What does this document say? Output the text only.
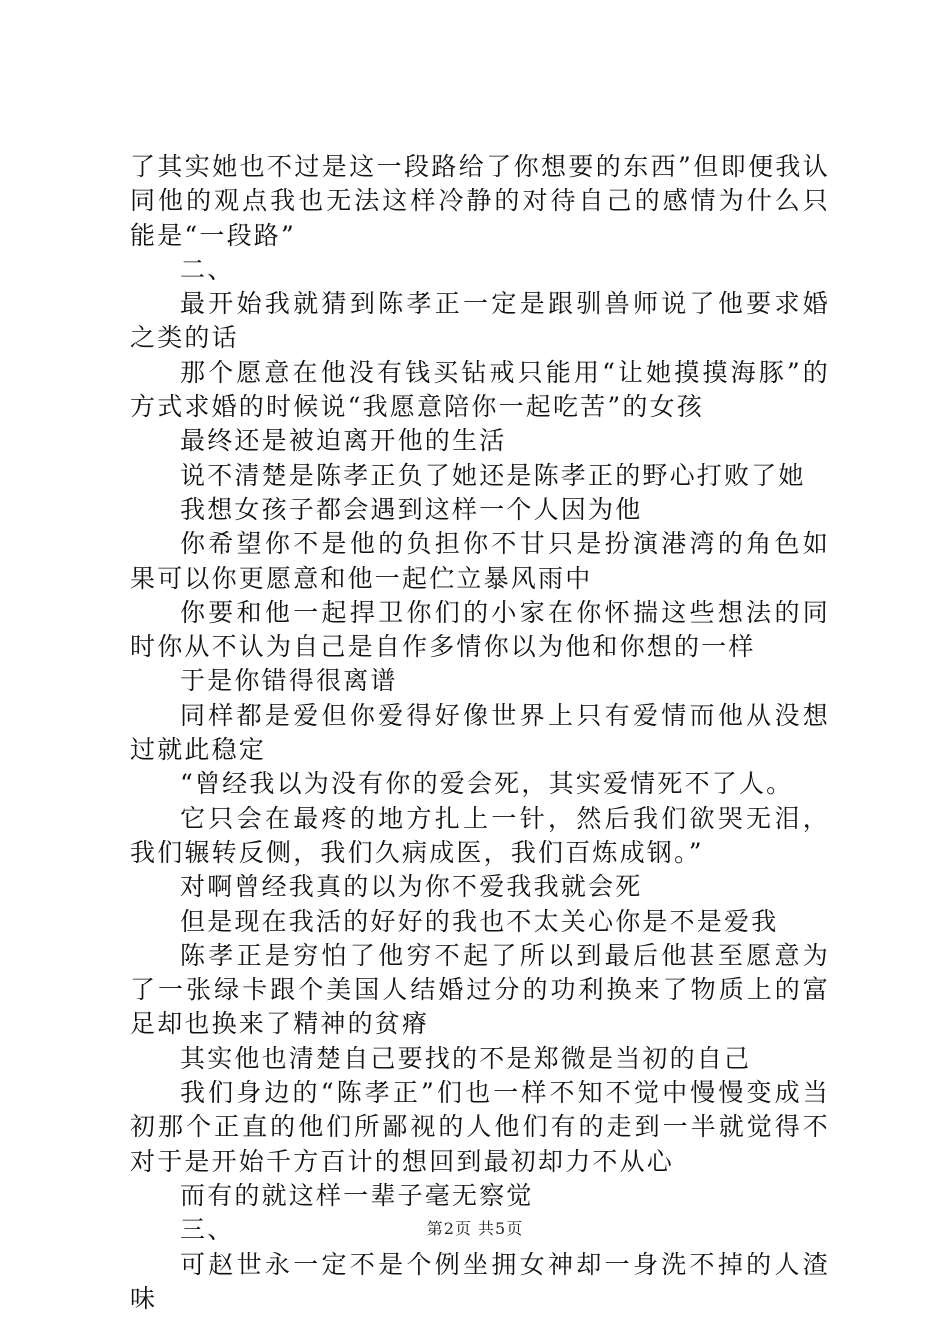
了其实她也不过是这一段路给了你想要的东西”但即便我认同他的观点我也无法这样冷静的对待自己的感情为什么只能是“一段路”

二、

最开始我就猜到陈孝正一定是跟驯兽师说了他要求婚之类的话

那个愿意在他没有钱买钻戒只能用“让她摸摸海豚”的方式求婚的时候说“我愿意陪你一起吃苦”的女孩

最终还是被迫离开他的生活

说不清楚是陈孝正负了她还是陈孝正的野心打败了她

我想女孩子都会遇到这样一个人因为他

你希望你不是他的负担你不甘只是扮演港湾的角色如果可以你更愿意和他一起伫立暴风雨中

你要和他一起捍卫你们的小家在你怀揣这些想法的同时你从不认为自己是自作多情你以为他和你想的一样

于是你错得很离谱

同样都是爱但你爱得好像世界上只有爱情而他从没想过就此稳定

“曾经我以为没有你的爱会死，其实爱情死不了人。

它只会在最疼的地方扎上一针，然后我们欲哭无泪，我们辗转反侧，我们久病成医，我们百炼成钢。”

对啊曾经我真的以为你不爱我我就会死

但是现在我活的好好的我也不太关心你是不是爱我

陈孝正是穷怕了他穷不起了所以到最后他甚至愿意为了一张绿卡跟个美国人结婚过分的功利换来了物质上的富足却也换来了精神的贫瘠

其实他也清楚自己要找的不是郑微是当初的自己

我们身边的“陈孝正”们也一样不知不觉中慢慢变成当初那个正直的他们所鄙视的人他们有的走到一半就觉得不对于是开始千方百计的想回到最初却力不从心

而有的就这样一辈子毫无察觉

三、

可赵世永一定不是个例坐拥女神却一身洗不掉的人渣味

第2页 共5页
